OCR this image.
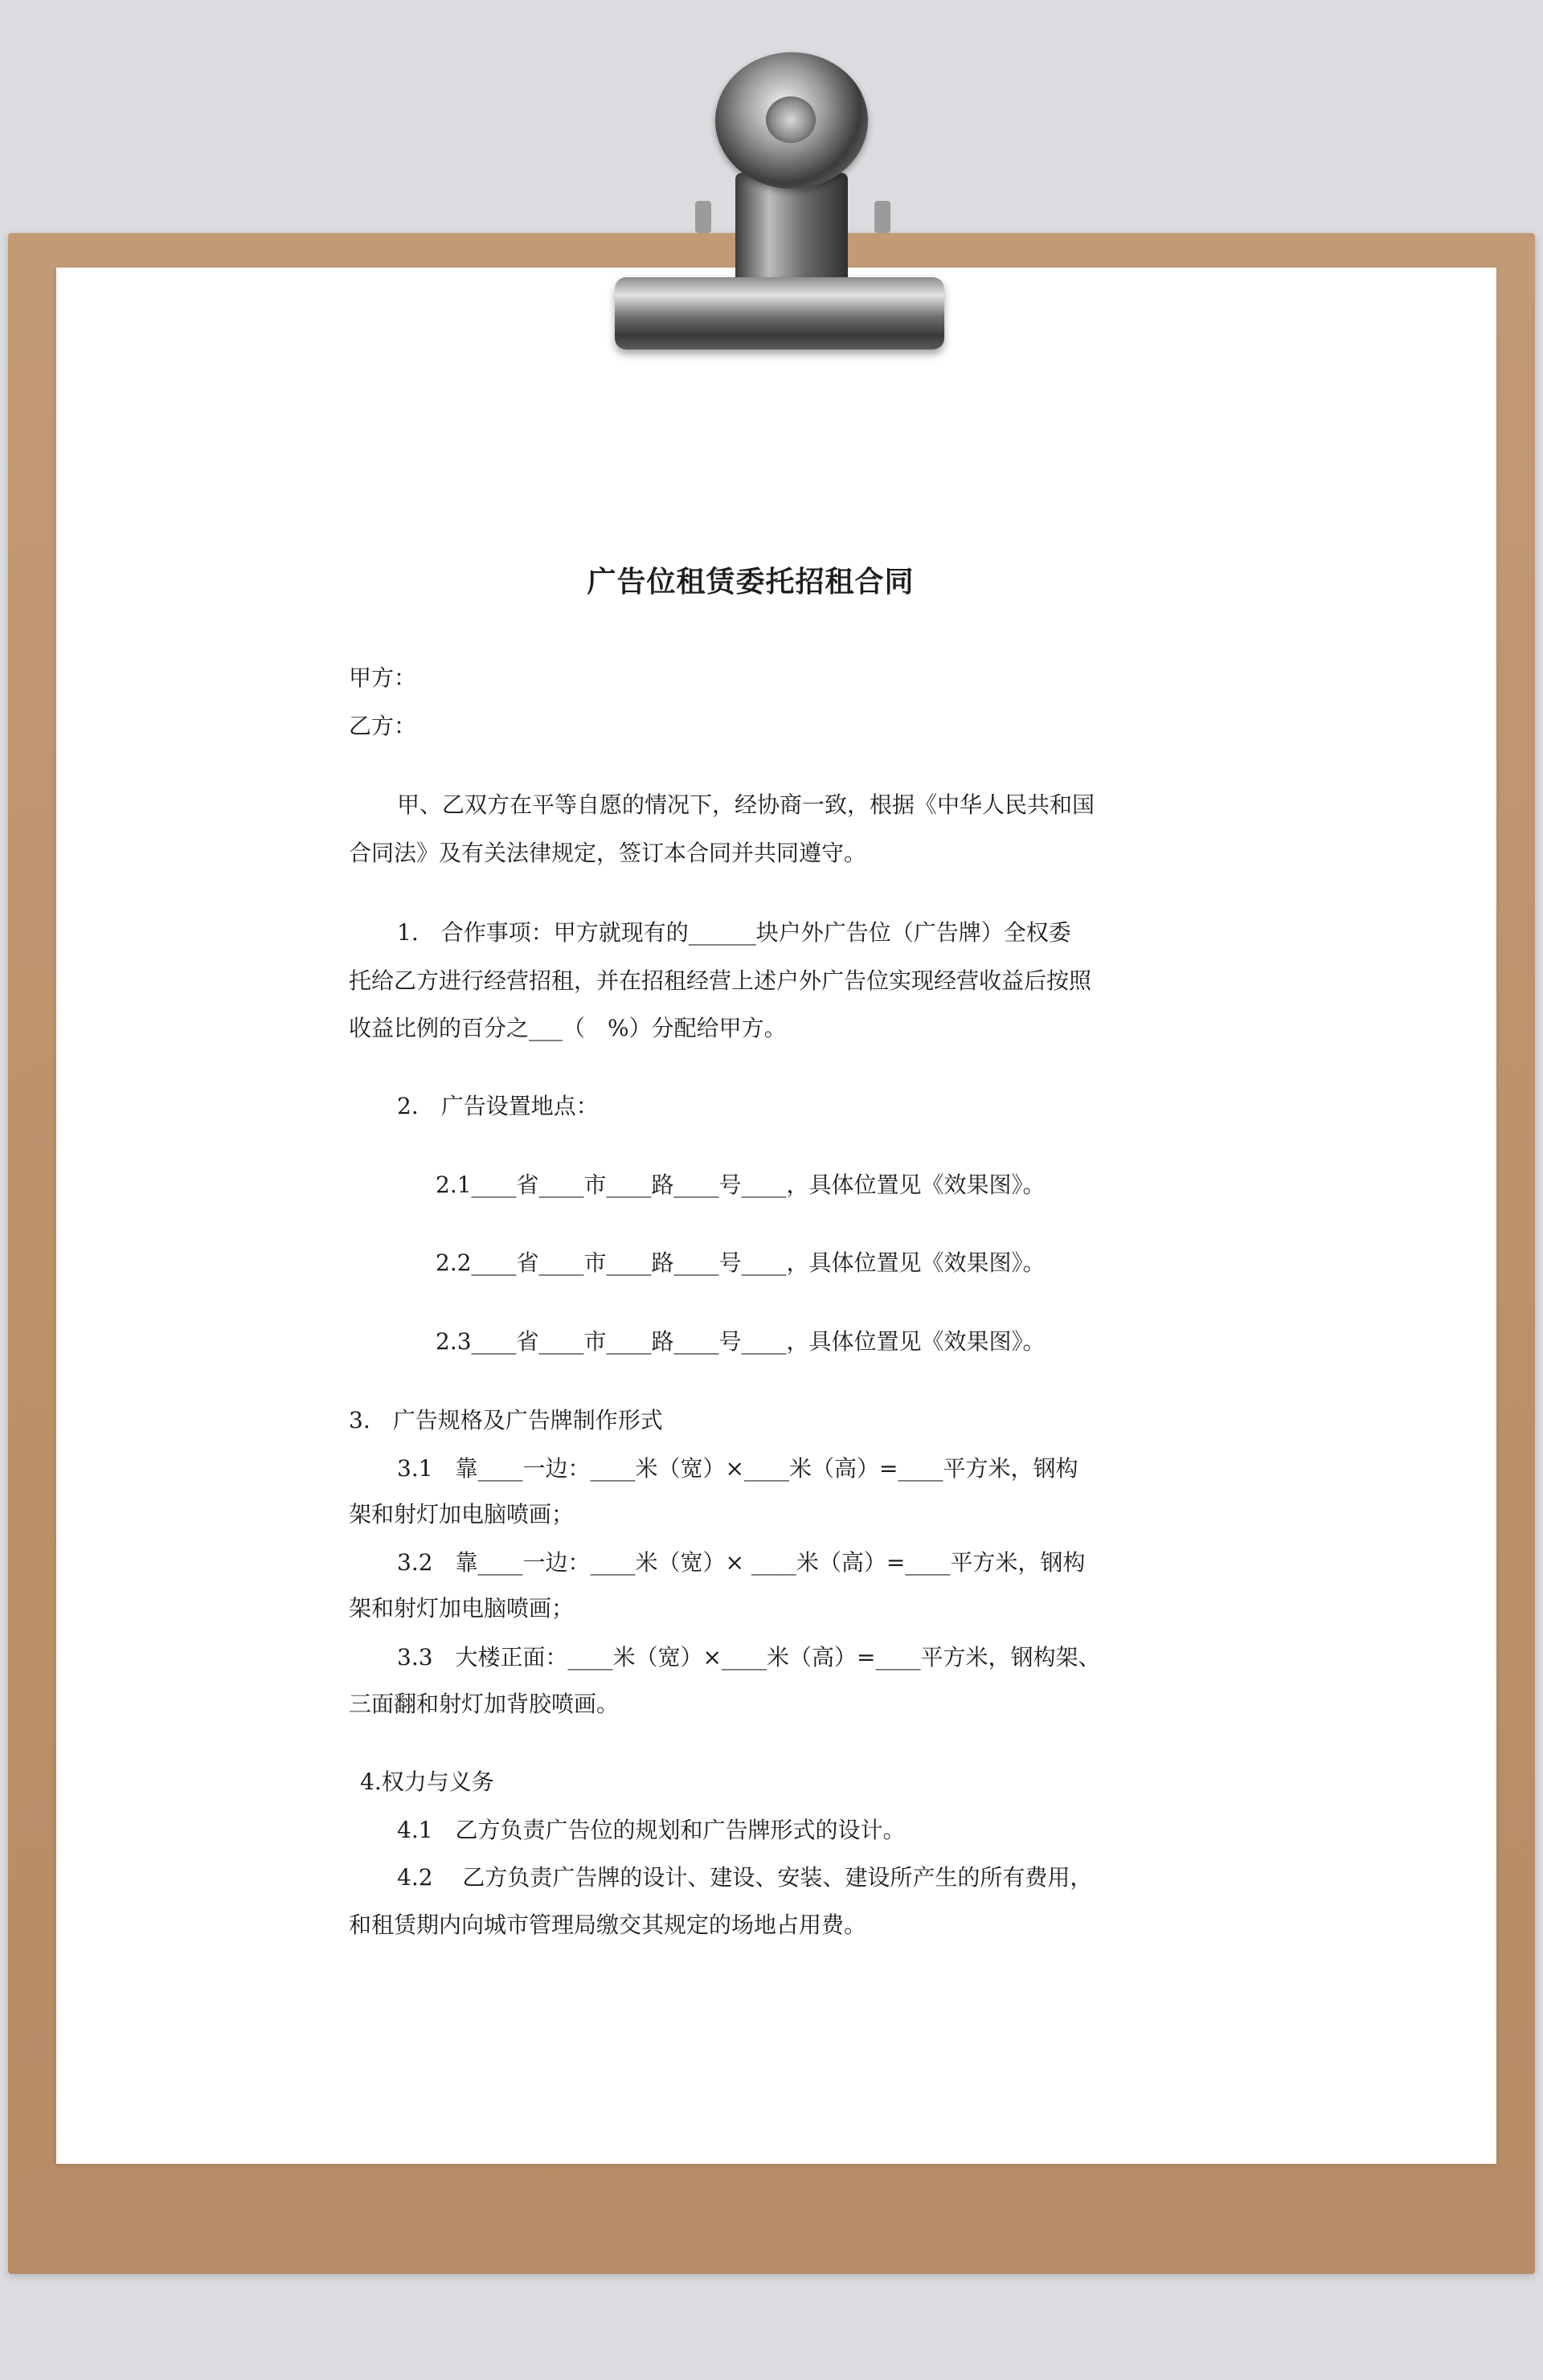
广告位租赁委托招租合同
甲方：
乙方：
甲、乙双方在平等自愿的情况下，经协商一致，根据《中华人民共和国
合同法》及有关法律规定，签订本合同并共同遵守。
1.　合作事项：甲方就现有的______块户外广告位（广告牌）全权委
托给乙方进行经营招租，并在招租经营上述户外广告位实现经营收益后按照
收益比例的百分之___（　%）分配给甲方。
2.　广告设置地点：
2.1____省____市____路____号____，具体位置见《效果图》。
2.2____省____市____路____号____，具体位置见《效果图》。
2.3____省____市____路____号____，具体位置见《效果图》。
3.　广告规格及广告牌制作形式
3.1　靠____一边：____米（宽）×____米（高）=____平方米，钢构
架和射灯加电脑喷画；
3.2　靠____一边：____米（宽）× ____米（高）=____平方米，钢构
架和射灯加电脑喷画；
3.3　大楼正面：____米（宽）×____米（高）=____平方米，钢构架、
三面翻和射灯加背胶喷画。
4.权力与义务
4.1　乙方负责广告位的规划和广告牌形式的设计。
4.2　 乙方负责广告牌的设计、建设、安装、建设所产生的所有费用，
和租赁期内向城市管理局缴交其规定的场地占用费。
